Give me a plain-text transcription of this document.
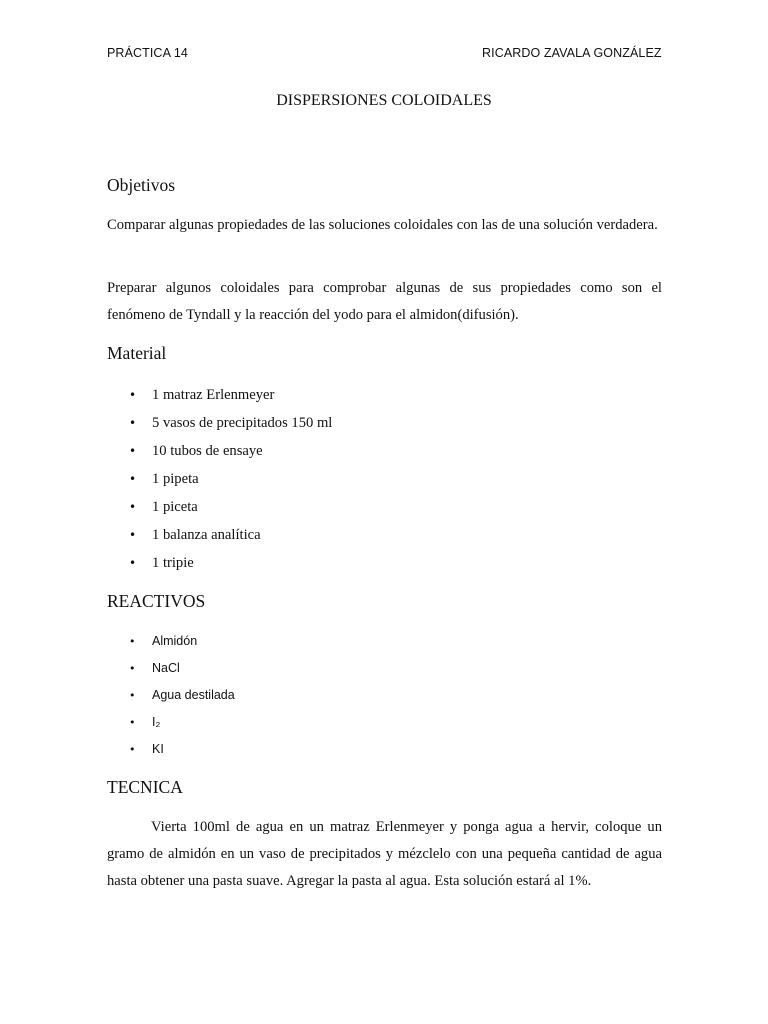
PRÁCTICA 14	RICARDO ZAVALA GONZÁLEZ
DISPERSIONES COLOIDALES
Objetivos

Comparar algunas propiedades de las soluciones coloidales con las de una solución verdadera.

Preparar algunos coloidales para comprobar algunas de sus propiedades como son el fenómeno de Tyndall y la reacción del yodo para el almidon(difusión).

Material
• 1 matraz Erlenmeyer
• 5 vasos de precipitados 150 ml
• 10 tubos de ensaye
• 1 pipeta
• 1 piceta
• 1 balanza analítica
• 1 tripie
REACTIVOS
• Almidón
• NaCl
• Agua destilada
• I₂
• KI
TECNICA

Vierta 100ml de agua en un matraz Erlenmeyer y ponga agua a hervir, coloque un gramo de almidón en un vaso de precipitados y mézclelo con una pequeña cantidad de agua hasta obtener una pasta suave. Agregar la pasta al agua. Esta solución estará al 1%.
